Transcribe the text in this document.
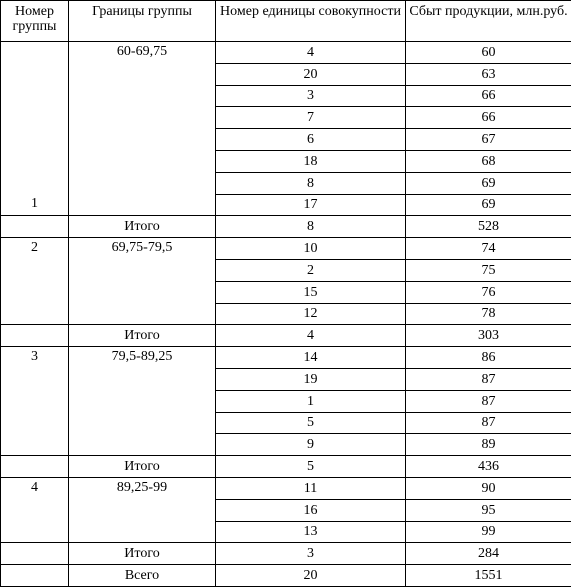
Номер группы	Границы группы	Номер единицы совокупности	Сбыт продукции, млн.руб.
1	60-69,75	4	60
		20	63
		3	66
		7	66
		6	67
		18	68
		8	69
		17	69
	Итого	8	528
2	69,75-79,5	10	74
		2	75
		15	76
		12	78
	Итого	4	303
3	79,5-89,25	14	86
		19	87
		1	87
		5	87
		9	89
	Итого	5	436
4	89,25-99	11	90
		16	95
		13	99
	Итого	3	284
	Всего	20	1551
